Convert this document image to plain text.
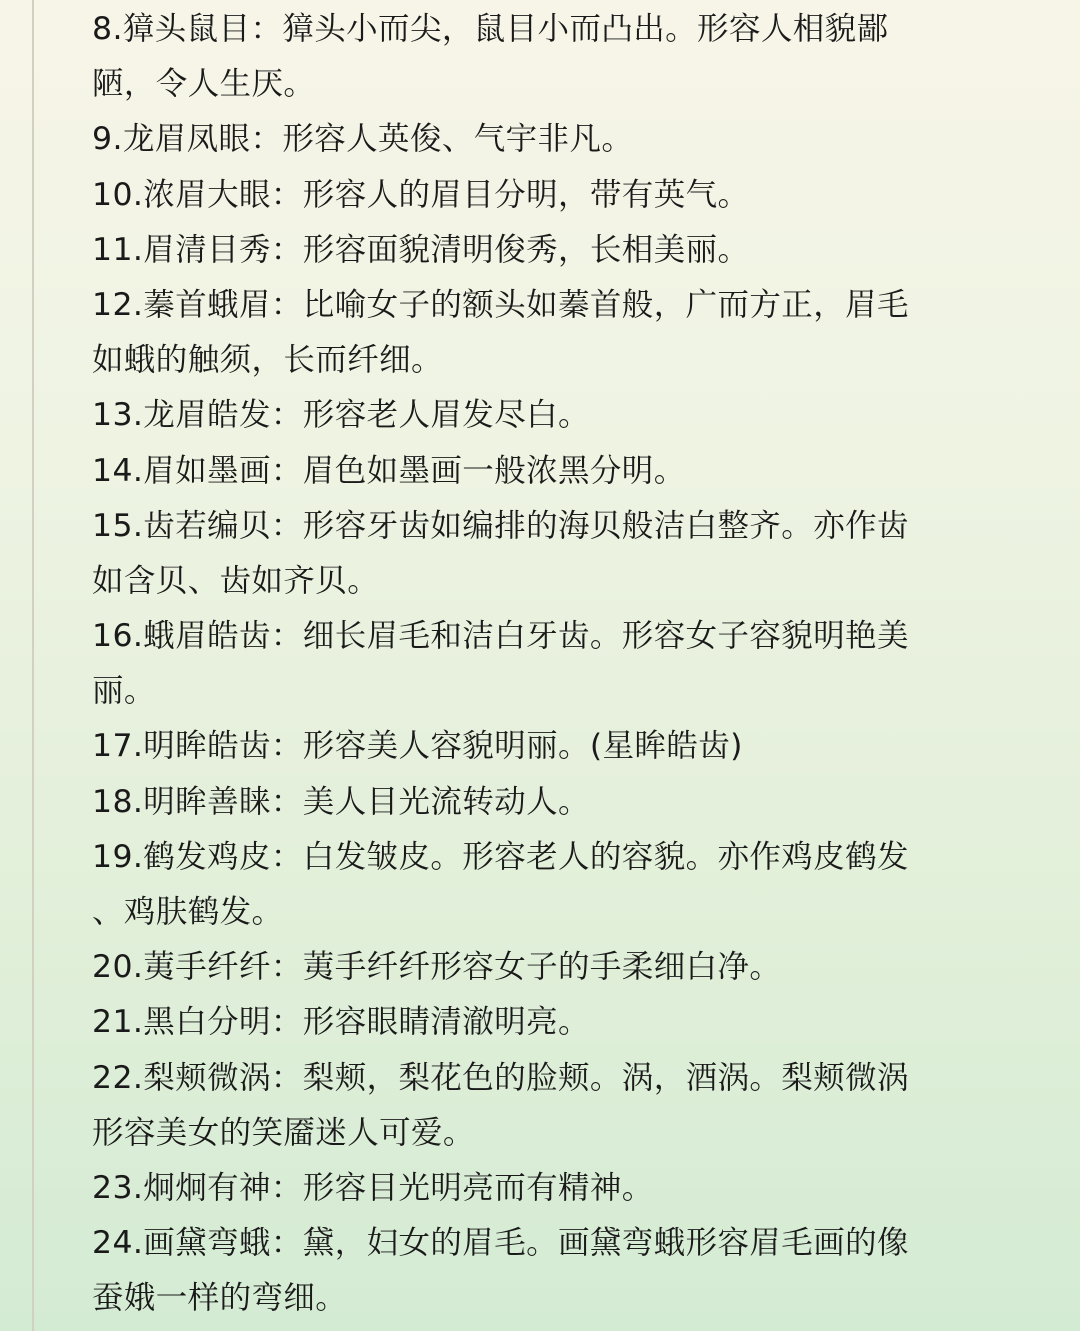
8.獐头鼠目：獐头小而尖，鼠目小而凸出。形容人相貌鄙
陋，令人生厌。
9.龙眉凤眼：形容人英俊、气宇非凡。
10.浓眉大眼：形容人的眉目分明，带有英气。
11.眉清目秀：形容面貌清明俊秀，长相美丽。
12.蓁首蛾眉：比喻女子的额头如蓁首般，广而方正，眉毛
如蛾的触须，长而纤细。
13.龙眉皓发：形容老人眉发尽白。
14.眉如墨画：眉色如墨画一般浓黑分明。
15.齿若编贝：形容牙齿如编排的海贝般洁白整齐。亦作齿
如含贝、齿如齐贝。
16.蛾眉皓齿：细长眉毛和洁白牙齿。形容女子容貌明艳美
丽。
17.明眸皓齿：形容美人容貌明丽。(星眸皓齿)
18.明眸善睐：美人目光流转动人。
19.鹤发鸡皮：白发皱皮。形容老人的容貌。亦作鸡皮鹤发
、鸡肤鹤发。
20.荑手纤纤：荑手纤纤形容女子的手柔细白净。
21.黑白分明：形容眼睛清澈明亮。
22.梨颊微涡：梨颊，梨花色的脸颊。涡，酒涡。梨颊微涡
形容美女的笑靥迷人可爱。
23.炯炯有神：形容目光明亮而有精神。
24.画黛弯蛾：黛，妇女的眉毛。画黛弯蛾形容眉毛画的像
蚕娥一样的弯细。
